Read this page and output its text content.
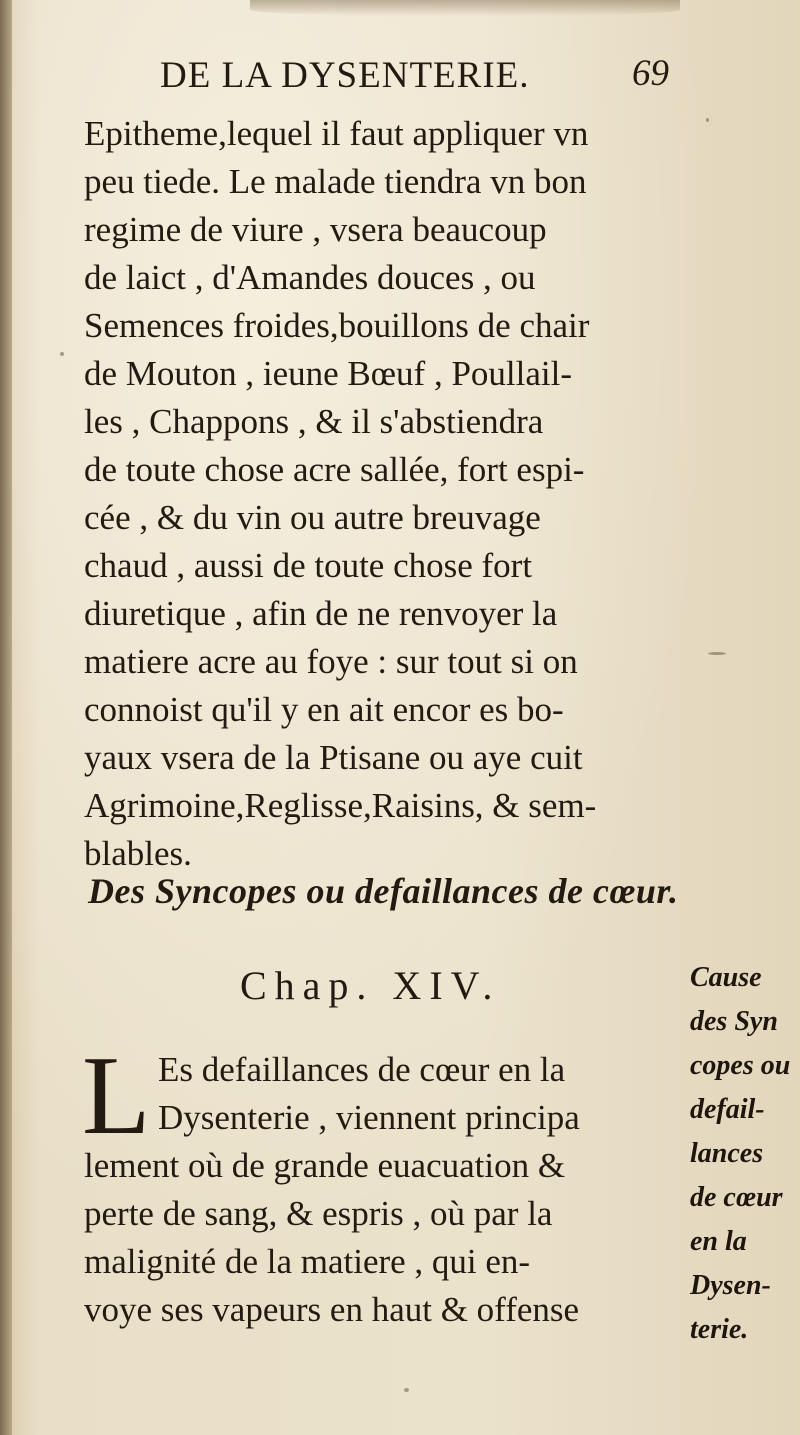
DE LA DYSENTERIE.	69
Epitheme,lequel il faut appliquer vn
peu tiede. Le malade tiendra vn bon
regime de viure , vsera beaucoup
de laict , d'Amandes douces , ou
Semences froides,bouillons de chair
de Mouton , ieune Bœuf , Poullail-
les , Chappons , & il s'abstiendra
de toute chose acre sallée, fort espi-
cée , & du vin ou autre breuvage
chaud , aussi de toute chose fort
diuretique , afin de ne renvoyer la
matiere acre au foye : sur tout si on
connoist qu'il y en ait encor es bo-
yaux vsera de la Ptisane ou aye cuit
Agrimoine,Reglisse,Raisins, & sem-
blables.
Des Syncopes ou defaillances de cœur.
Chap. XIV.
L Es defaillances de cœur en la
Dysenterie , viennent principa
lement où de grande euacuation &
perte de sang, & espris , où par la
malignité de la matiere , qui en-
voye ses vapeurs en haut & offense
Cause
des Syn
copes ou
defail-
lances
de cœur
en la
Dysen-
terie.
